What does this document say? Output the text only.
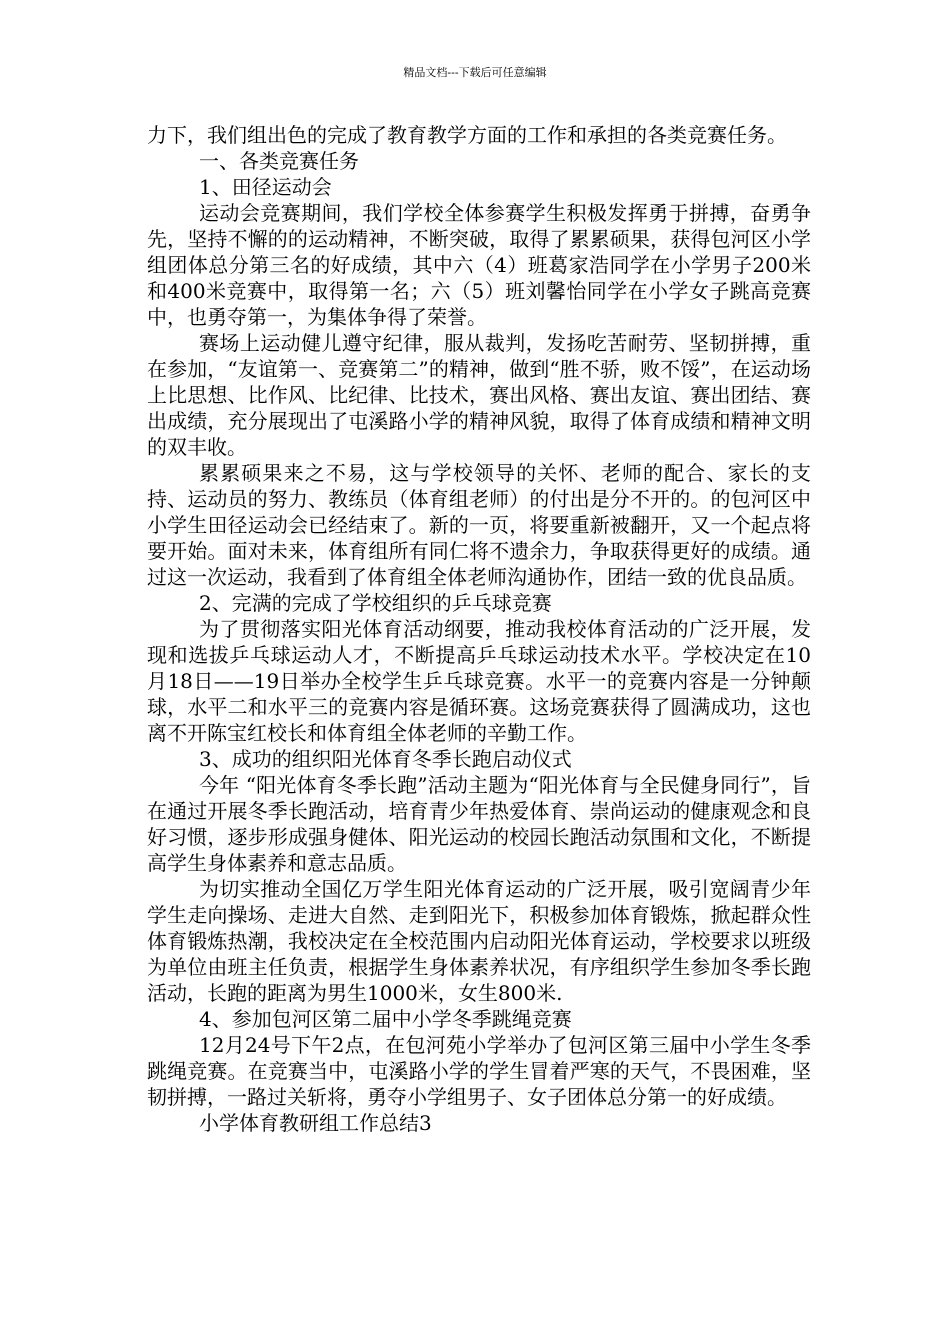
精品文档---下载后可任意编辑

力下，我们组出色的完成了教育教学方面的工作和承担的各类竞赛任务。

一、各类竞赛任务

1、田径运动会

运动会竞赛期间，我们学校全体参赛学生积极发挥勇于拼搏，奋勇争先，坚持不懈的的运动精神，不断突破，取得了累累硕果，获得包河区小学组团体总分第三名的好成绩，其中六（4）班葛家浩同学在小学男子200米和400米竞赛中，取得第一名；六（5）班刘馨怡同学在小学女子跳高竞赛中，也勇夺第一，为集体争得了荣誉。

赛场上运动健儿遵守纪律，服从裁判，发扬吃苦耐劳、坚韧拼搏，重在参加，“友谊第一、竞赛第二”的精神，做到“胜不骄，败不馁”，在运动场上比思想、比作风、比纪律、比技术，赛出风格、赛出友谊、赛出团结、赛出成绩，充分展现出了屯溪路小学的精神风貌，取得了体育成绩和精神文明的双丰收。

累累硕果来之不易，这与学校领导的关怀、老师的配合、家长的支持、运动员的努力、教练员（体育组老师）的付出是分不开的。的包河区中小学生田径运动会已经结束了。新的一页，将要重新被翻开，又一个起点将要开始。面对未来，体育组所有同仁将不遗余力，争取获得更好的成绩。通过这一次运动，我看到了体育组全体老师沟通协作，团结一致的优良品质。

2、完满的完成了学校组织的乒乓球竞赛

为了贯彻落实阳光体育活动纲要，推动我校体育活动的广泛开展，发现和选拔乒乓球运动人才，不断提高乒乓球运动技术水平。学校决定在10月18日——19日举办全校学生乒乓球竞赛。水平一的竞赛内容是一分钟颠球，水平二和水平三的竞赛内容是循环赛。这场竞赛获得了圆满成功，这也离不开陈宝红校长和体育组全体老师的辛勤工作。

3、成功的组织阳光体育冬季长跑启动仪式

今年 “阳光体育冬季长跑”活动主题为“阳光体育与全民健身同行”，旨在通过开展冬季长跑活动，培育青少年热爱体育、崇尚运动的健康观念和良好习惯，逐步形成强身健体、阳光运动的校园长跑活动氛围和文化，不断提高学生身体素养和意志品质。

为切实推动全国亿万学生阳光体育运动的广泛开展，吸引宽阔青少年学生走向操场、走进大自然、走到阳光下，积极参加体育锻炼，掀起群众性体育锻炼热潮，我校决定在全校范围内启动阳光体育运动，学校要求以班级为单位由班主任负责，根据学生身体素养状况，有序组织学生参加冬季长跑活动，长跑的距离为男生1000米，女生800米.

4、参加包河区第二届中小学冬季跳绳竞赛

12月24号下午2点，在包河苑小学举办了包河区第三届中小学生冬季跳绳竞赛。在竞赛当中，屯溪路小学的学生冒着严寒的天气，不畏困难，坚韧拼搏，一路过关斩将，勇夺小学组男子、女子团体总分第一的好成绩。

小学体育教研组工作总结3
